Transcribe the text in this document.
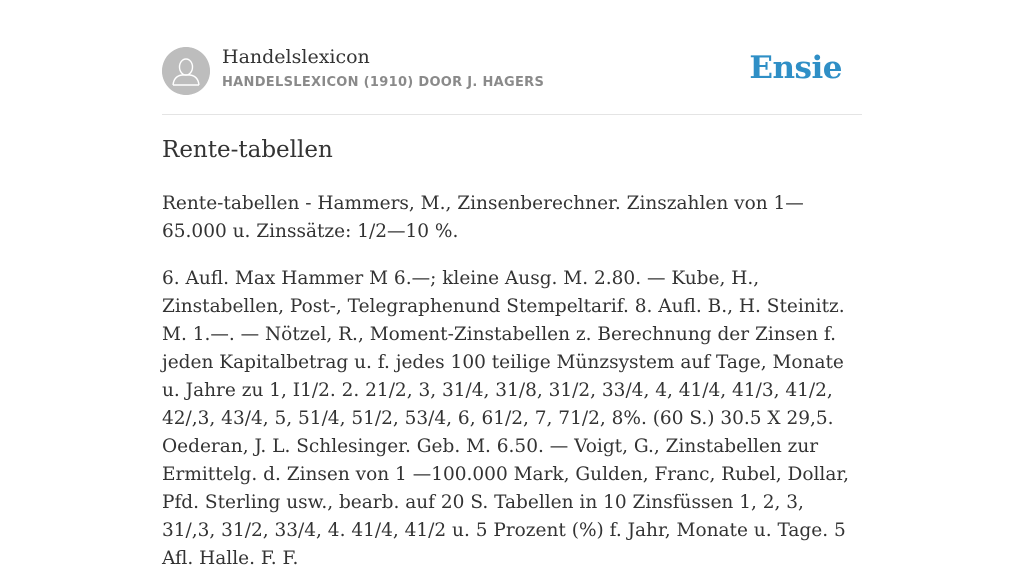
Handelslexicon
HANDELSLEXICON (1910) DOOR J. HAGERS	Ensie
Rente-tabellen
Rente-tabellen - Hammers, M., Zinsenberechner. Zinszahlen von 1—65.000 u. Zinssätze: 1/2—10 %.
6. Aufl. Max Hammer M 6.—; kleine Ausg. M. 2.80. — Kube, H., Zinstabellen, Post-, Telegraphenund Stempeltarif. 8. Aufl. B., H. Steinitz. M. 1.—. — Nötzel, R., Moment-Zinstabellen z. Berechnung der Zinsen f. jeden Kapitalbetrag u. f. jedes 100 teilige Münzsystem auf Tage, Monate u. Jahre zu 1, I1/2. 2. 21/2, 3, 31/4, 31/8, 31/2, 33/4, 4, 41/4, 41/3, 41/2, 42/,3, 43/4, 5, 51/4, 51/2, 53/4, 6, 61/2, 7, 71/2, 8%. (60 S.) 30.5 X 29,5. Oederan, J. L. Schlesinger. Geb. M. 6.50. — Voigt, G., Zinstabellen zur Ermittelg. d. Zinsen von 1 —100.000 Mark, Gulden, Franc, Rubel, Dollar, Pfd. Sterling usw., bearb. auf 20 S. Tabellen in 10 Zinsfüssen 1, 2, 3, 31/,3, 31/2, 33/4, 4. 41/4, 41/2 u. 5 Prozent (%) f. Jahr, Monate u. Tage. 5 Afl. Halle. F. F.
